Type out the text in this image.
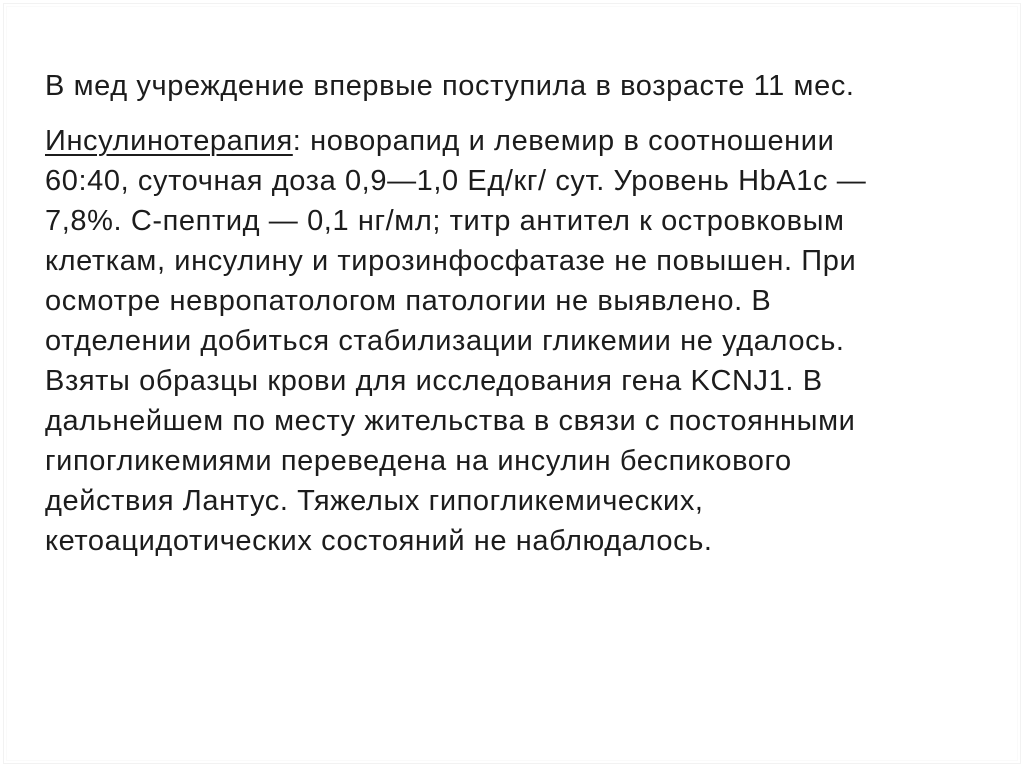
В мед учреждение впервые поступила в возрасте 11 мес.

Инсулинотерапия: новорапид и левемир в соотношении
60:40, суточная доза 0,9—1,0 Ед/кг/ сут. Уровень HbA1c —
7,8%. С-пептид — 0,1 нг/мл; титр антител к островковым
клеткам, инсулину и тирозинфосфатазе не повышен. При
осмотре невропатологом патологии не выявлено. В
отделении добиться стабилизации гликемии не удалось.
Взяты образцы крови для исследования гена KCNJ1. В
дальнейшем по месту жительства в связи с постоянными
гипогликемиями переведена на инсулин беспикового
действия Лантус. Тяжелых гипогликемических,
кетоацидотических состояний не наблюдалось.
